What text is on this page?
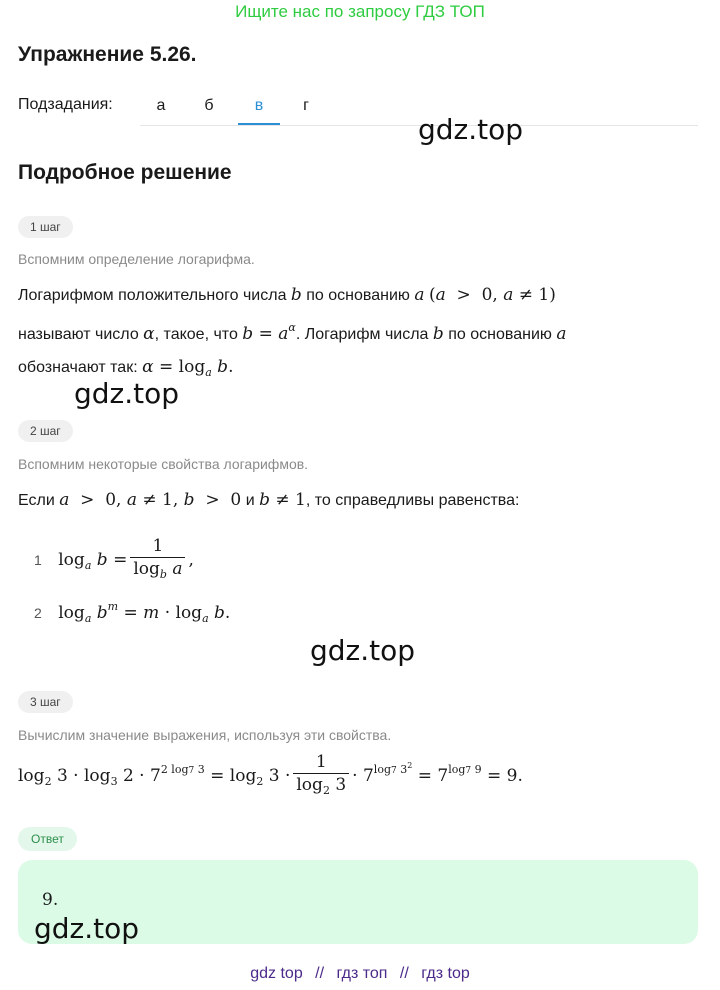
Ищите нас по запросу ГДЗ ТОП
Упражнение 5.26.
Подзадания:	а	б	в	г
gdz.top
Подробное решение
1 шаг
Вспомним определение логарифма.
Логарифмом положительного числа b по основанию a (a  >  0, a ≠ 1)
называют число α, такое, что $b = a^\alpha$. Логарифм числа b по основанию a
обозначают так: $\alpha = \log_a b$.
gdz.top
2 шаг
Вспомним некоторые свойства логарифмов.
Если a  >  0, a ≠ 1, b  >  0 и b ≠ 1, то справедливы равенства:
1 $\log_a b = \frac{1}{\log_b a}$ ,
2 $\log_a b^m = m \cdot \log_a b$.
gdz.top
3 шаг
Вычислим значение выражения, используя эти свойства.
$\log_2 3 \cdot \log_3 2 \cdot 7^{2 log7 3} = \log_2 3 \cdot \frac{1}{\log_2 3} \cdot 7^{log7 3^2} = 7^{log7 9} = 9$.
Ответ
9.
gdz.top
gdz top // гдз топ // гдз top
